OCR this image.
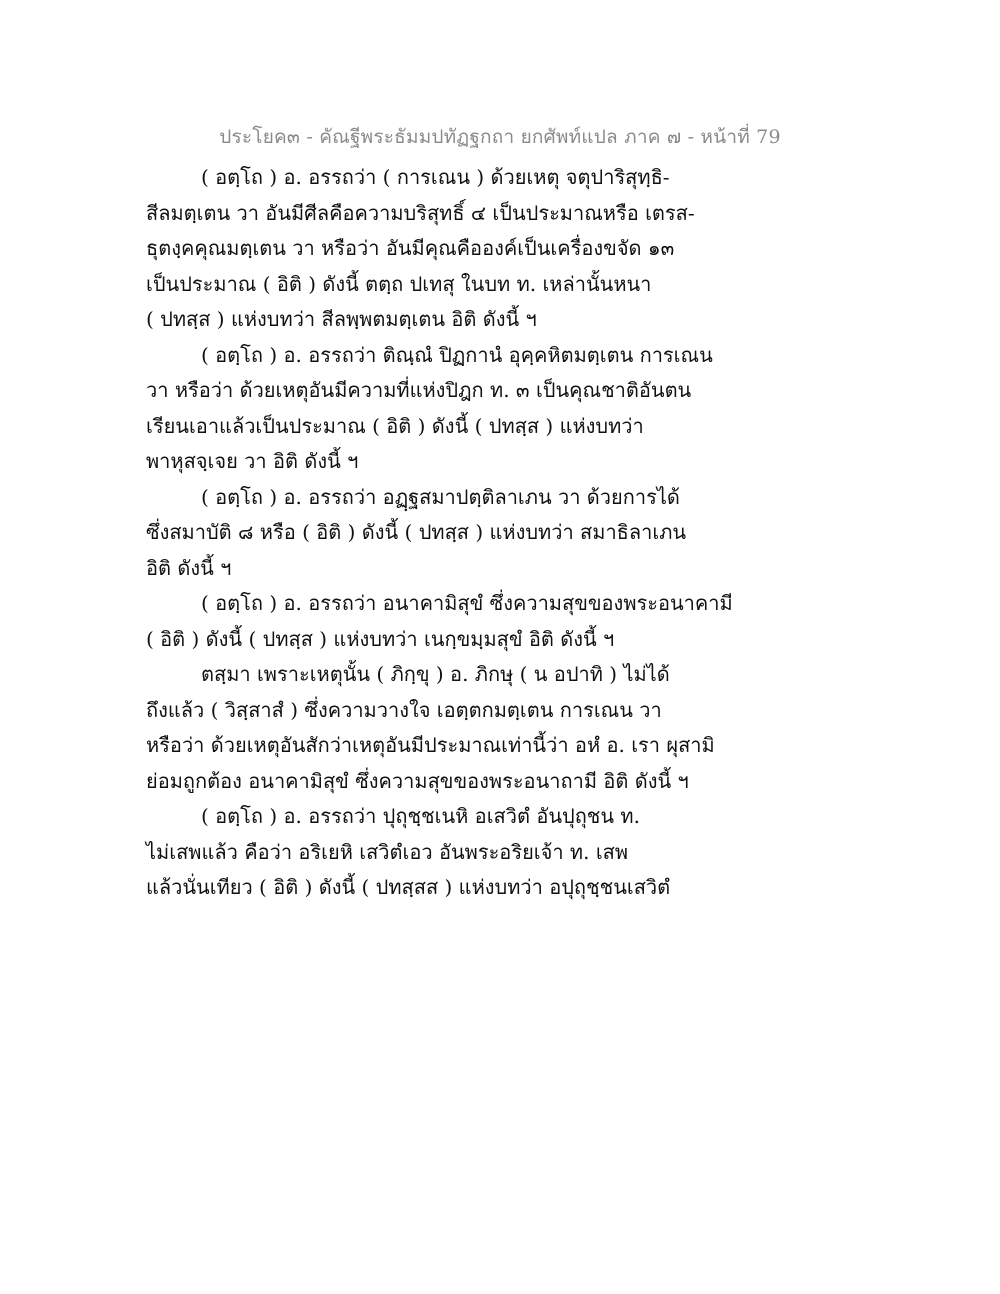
ประโยค๓ - คัณฐีพระธัมมปทัฏฐกถา ยกศัพท์แปล ภาค ๗ - หน้าที่ 79

( อตฺโถ ) อ. อรรถว่า ( การเณน ) ด้วยเหตุ จตุปาริสุทฺธิ-
สีลมตฺเตน วา อันมีศีลคือความบริสุทธิ์ ๔ เป็นประมาณหรือ เตรส-
ธุตงฺคคุณมตฺเตน วา หรือว่า อันมีคุณคือองค์เป็นเครื่องขจัด ๑๓
เป็นประมาณ ( อิติ ) ดังนี้ ตตฺถ ปเทสุ ในบท ท. เหล่านั้นหนา
( ปทสฺส ) แห่งบทว่า สีลพฺพตมตฺเตน อิติ ดังนี้ ฯ
( อตฺโถ ) อ. อรรถว่า ติณฺณํ ปิฏกานํ อุคฺคหิตมตฺเตน การเณน
วา หรือว่า ด้วยเหตุอันมีความที่แห่งปิฎก ท. ๓ เป็นคุณชาติอันตน
เรียนเอาแล้วเป็นประมาณ ( อิติ ) ดังนี้ ( ปทสฺส ) แห่งบทว่า
พาหุสจฺเจย วา อิติ ดังนี้ ฯ
( อตฺโถ ) อ. อรรถว่า อฏฺฐสมาปตฺติลาเภน วา ด้วยการได้
ซึ่งสมาบัติ ๘ หรือ ( อิติ ) ดังนี้ ( ปทสฺส ) แห่งบทว่า สมาธิลาเภน
อิติ ดังนี้ ฯ
( อตฺโถ ) อ. อรรถว่า อนาคามิสุขํ ซึ่งความสุขของพระอนาคามี
( อิติ ) ดังนี้ ( ปทสฺส ) แห่งบทว่า เนกฺขมฺมสุขํ อิติ ดังนี้ ฯ
ตสฺมา เพราะเหตุนั้น ( ภิกฺขุ ) อ. ภิกษุ ( น อปาทิ ) ไม่ได้
ถึงแล้ว ( วิสฺสาสํ ) ซึ่งความวางใจ เอตฺตกมตฺเตน การเณน วา
หรือว่า ด้วยเหตุอันสักว่าเหตุอันมีประมาณเท่านี้ว่า อหํ อ. เรา ผุสามิ
ย่อมถูกต้อง อนาคามิสุขํ ซึ่งความสุขของพระอนาถามี อิติ ดังนี้ ฯ
( อตฺโถ ) อ. อรรถว่า ปุถุชฺชเนหิ อเสวิตํ อันปุถุชน ท.
ไม่เสพแล้ว คือว่า อริเยหิ เสวิตํเอว อันพระอริยเจ้า ท. เสพ
แล้วนั่นเทียว ( อิติ ) ดังนี้ ( ปทสฺสส ) แห่งบทว่า อปุถุชฺชนเสวิตํ
